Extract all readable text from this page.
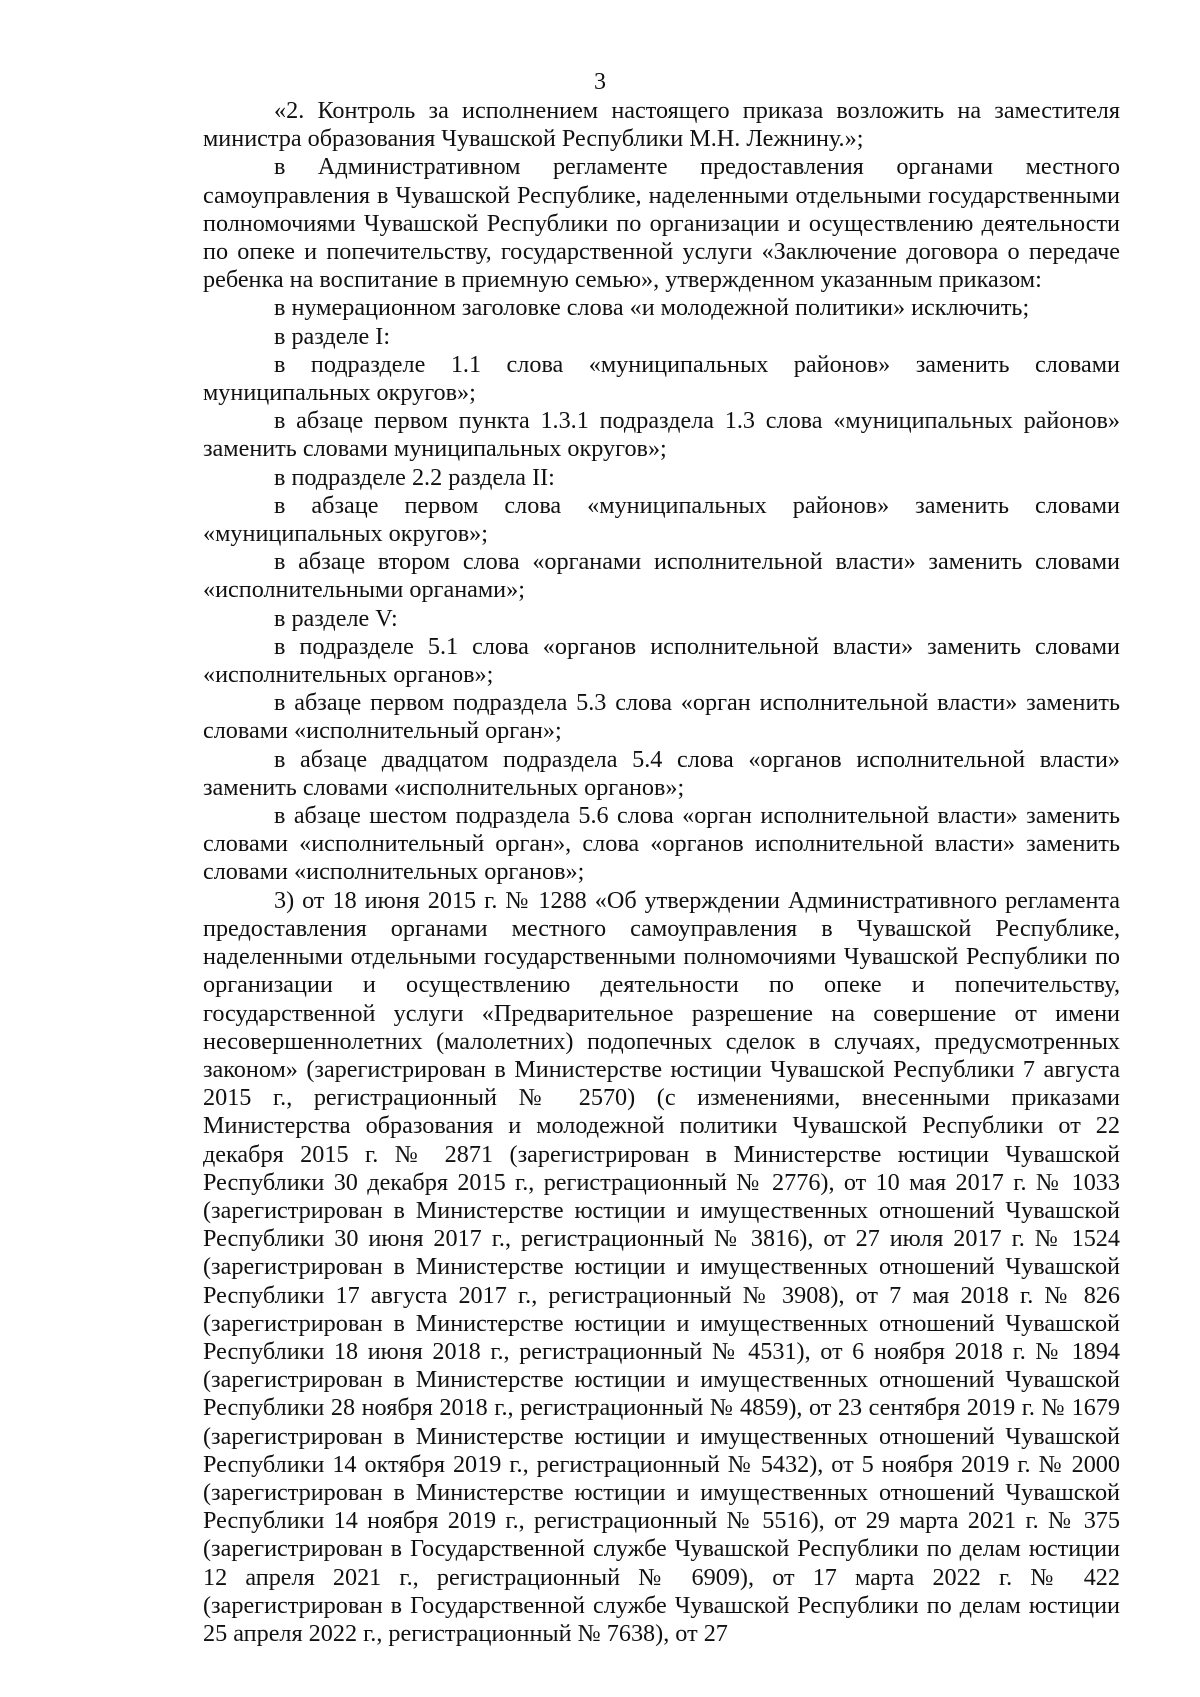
3

«2. Контроль за исполнением настоящего приказа возложить на заместителя министра образования Чувашской Республики М.Н. Лежнину.»;

в Административном регламенте предоставления органами местного самоуправления в Чувашской Республике, наделенными отдельными государственными полномочиями Чувашской Республики по организации и осуществлению деятельности по опеке и попечительству, государственной услуги «Заключение договора о передаче ребенка на воспитание в приемную семью», утвержденном указанным приказом:

в нумерационном заголовке слова «и молодежной политики» исключить;

в разделе I:

в подразделе 1.1 слова «муниципальных районов» заменить словами муниципальных округов»;

в абзаце первом пункта 1.3.1 подраздела 1.3 слова «муниципальных районов» заменить словами муниципальных округов»;

в подразделе 2.2 раздела II:

в абзаце первом слова «муниципальных районов» заменить словами «муниципальных округов»;

в абзаце втором слова «органами исполнительной власти» заменить словами «исполнительными органами»;

в разделе V:

в подразделе 5.1 слова «органов исполнительной власти» заменить словами «исполнительных органов»;

в абзаце первом подраздела 5.3 слова «орган исполнительной власти» заменить словами «исполнительный орган»;

в абзаце двадцатом подраздела 5.4 слова «органов исполнительной власти» заменить словами «исполнительных органов»;

в абзаце шестом подраздела 5.6 слова «орган исполнительной власти» заменить словами «исполнительный орган», слова «органов исполнительной власти» заменить словами «исполнительных органов»;

3) от 18 июня 2015 г. № 1288 «Об утверждении Административного регламента предоставления органами местного самоуправления в Чувашской Республике, наделенными отдельными государственными полномочиями Чувашской Республики по организации и осуществлению деятельности по опеке и попечительству, государственной услуги «Предварительное разрешение на совершение от имени несовершеннолетних (малолетних) подопечных сделок в случаях, предусмотренных законом» (зарегистрирован в Министерстве юстиции Чувашской Республики 7 августа 2015 г., регистрационный № 2570) (с изменениями, внесенными приказами Министерства образования и молодежной политики Чувашской Республики от 22 декабря 2015 г. № 2871 (зарегистрирован в Министерстве юстиции Чувашской Республики 30 декабря 2015 г., регистрационный № 2776), от 10 мая 2017 г. № 1033 (зарегистрирован в Министерстве юстиции и имущественных отношений Чувашской Республики 30 июня 2017 г., регистрационный № 3816), от 27 июля 2017 г. № 1524 (зарегистрирован в Министерстве юстиции и имущественных отношений Чувашской Республики 17 августа 2017 г., регистрационный № 3908), от 7 мая 2018 г. № 826 (зарегистрирован в Министерстве юстиции и имущественных отношений Чувашской Республики 18 июня 2018 г., регистрационный № 4531), от 6 ноября 2018 г. № 1894 (зарегистрирован в Министерстве юстиции и имущественных отношений Чувашской Республики 28 ноября 2018 г., регистрационный № 4859), от 23 сентября 2019 г. № 1679 (зарегистрирован в Министерстве юстиции и имущественных отношений Чувашской Республики 14 октября 2019 г., регистрационный № 5432), от 5 ноября 2019 г. № 2000 (зарегистрирован в Министерстве юстиции и имущественных отношений Чувашской Республики 14 ноября 2019 г., регистрационный № 5516), от 29 марта 2021 г. № 375 (зарегистрирован в Государственной службе Чувашской Республики по делам юстиции 12 апреля 2021 г., регистрационный № 6909), от 17 марта 2022 г. № 422 (зарегистрирован в Государственной службе Чувашской Республики по делам юстиции 25 апреля 2022 г., регистрационный № 7638), от 27
